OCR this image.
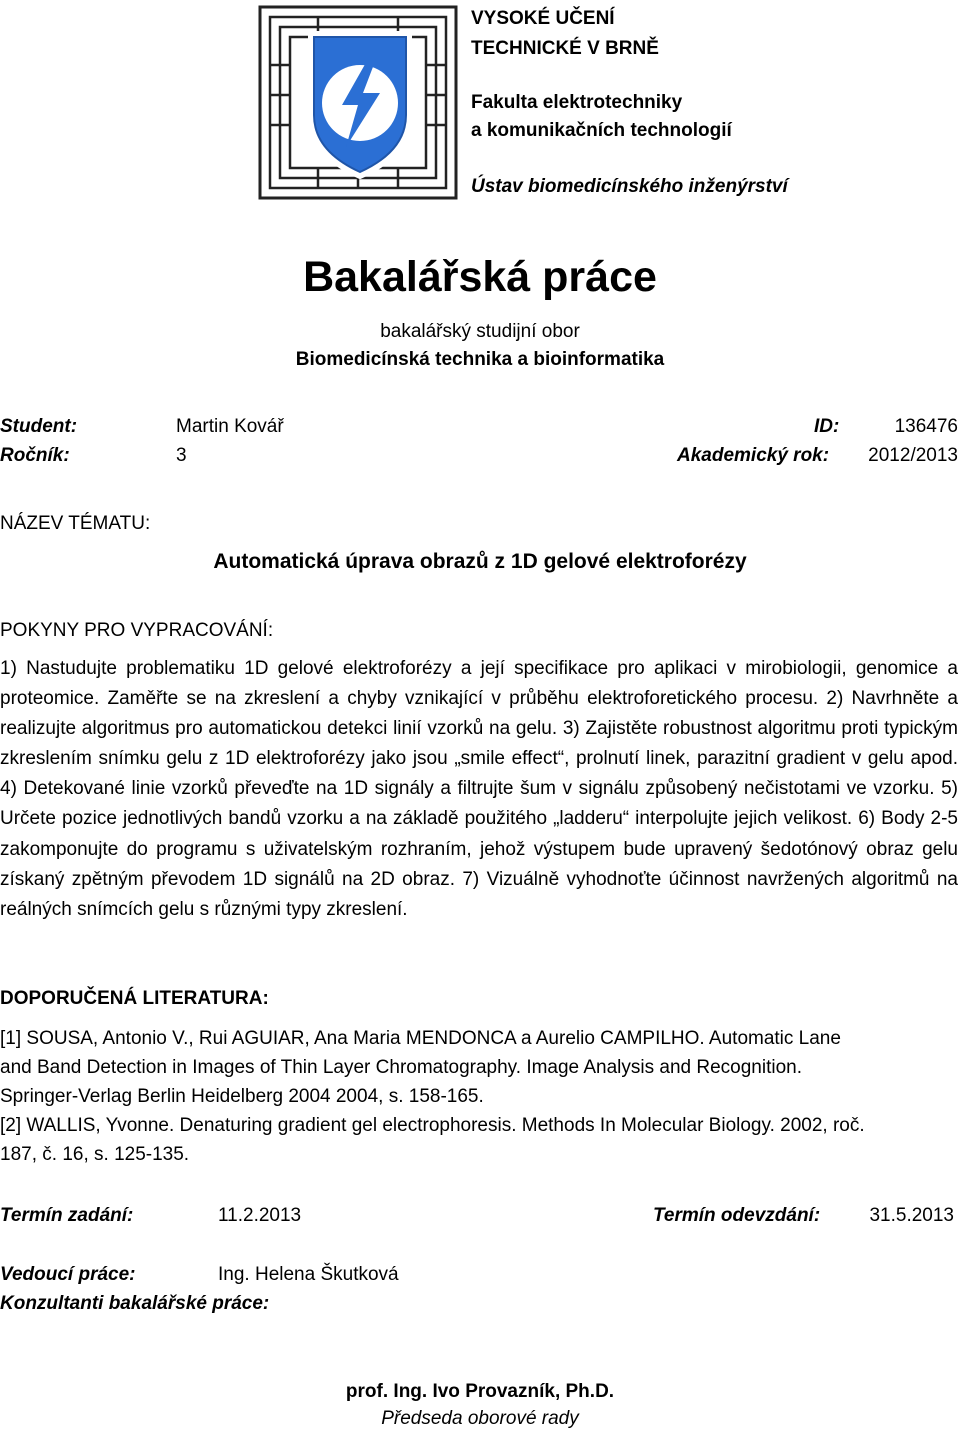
VYSOKÉ UČENÍ
TECHNICKÉ V BRNĚ
Fakulta elektrotechniky
a komunikačních technologií
Ústav biomedicínského inženýrství
Bakalářská práce
bakalářský studijní obor
Biomedicínská technika a bioinformatika
Student:	Martin Kovář	ID:	136476
Ročník:	3	Akademický rok: 2012/2013
NÁZEV TÉMATU:
Automatická úprava obrazů z 1D gelové elektroforézy
POKYNY PRO VYPRACOVÁNÍ:
1) Nastudujte problematiku 1D gelové elektroforézy a její specifikace pro aplikaci v mirobiologii, genomice a proteomice. Zaměřte se na zkreslení a chyby vznikající v průběhu elektroforetického procesu. 2) Navrhněte a realizujte algoritmus pro automatickou detekci linií vzorků na gelu. 3) Zajistěte robustnost algoritmu proti typickým zkreslením snímku gelu z 1D elektroforézy jako jsou „smile effect“, prolnutí linek, parazitní gradient v gelu apod. 4) Detekované linie vzorků převeďte na 1D signály a filtrujte šum v signálu způsobený nečistotami ve vzorku. 5) Určete pozice jednotlivých bandů vzorku a na základě použitého „ladderu“ interpolujte jejich velikost. 6) Body 2-5 zakomponujte do programu s uživatelským rozhraním, jehož výstupem bude upravený šedotónový obraz gelu získaný zpětným převodem 1D signálů na 2D obraz. 7) Vizuálně vyhodnoťte účinnost navržených algoritmů na reálných snímcích gelu s různými typy zkreslení.
DOPORUČENÁ LITERATURA:

[1] SOUSA, Antonio V., Rui AGUIAR, Ana Maria MENDONCA a Aurelio CAMPILHO. Automatic Lane

and Band Detection in Images of Thin Layer Chromatography. Image Analysis and Recognition.

Springer-Verlag Berlin Heidelberg 2004 2004, s. 158-165.

[2] WALLIS, Yvonne. Denaturing gradient gel electrophoresis. Methods In Molecular Biology. 2002, roč.

187, č. 16, s. 125-135.

Termín zadání:	11.2.2013	Termín odevzdání:	31.5.2013
Vedoucí práce:	Ing. Helena Škutková
Konzultanti bakalářské práce:
prof. Ing. Ivo Provazník, Ph.D.
Předseda oborové rady
